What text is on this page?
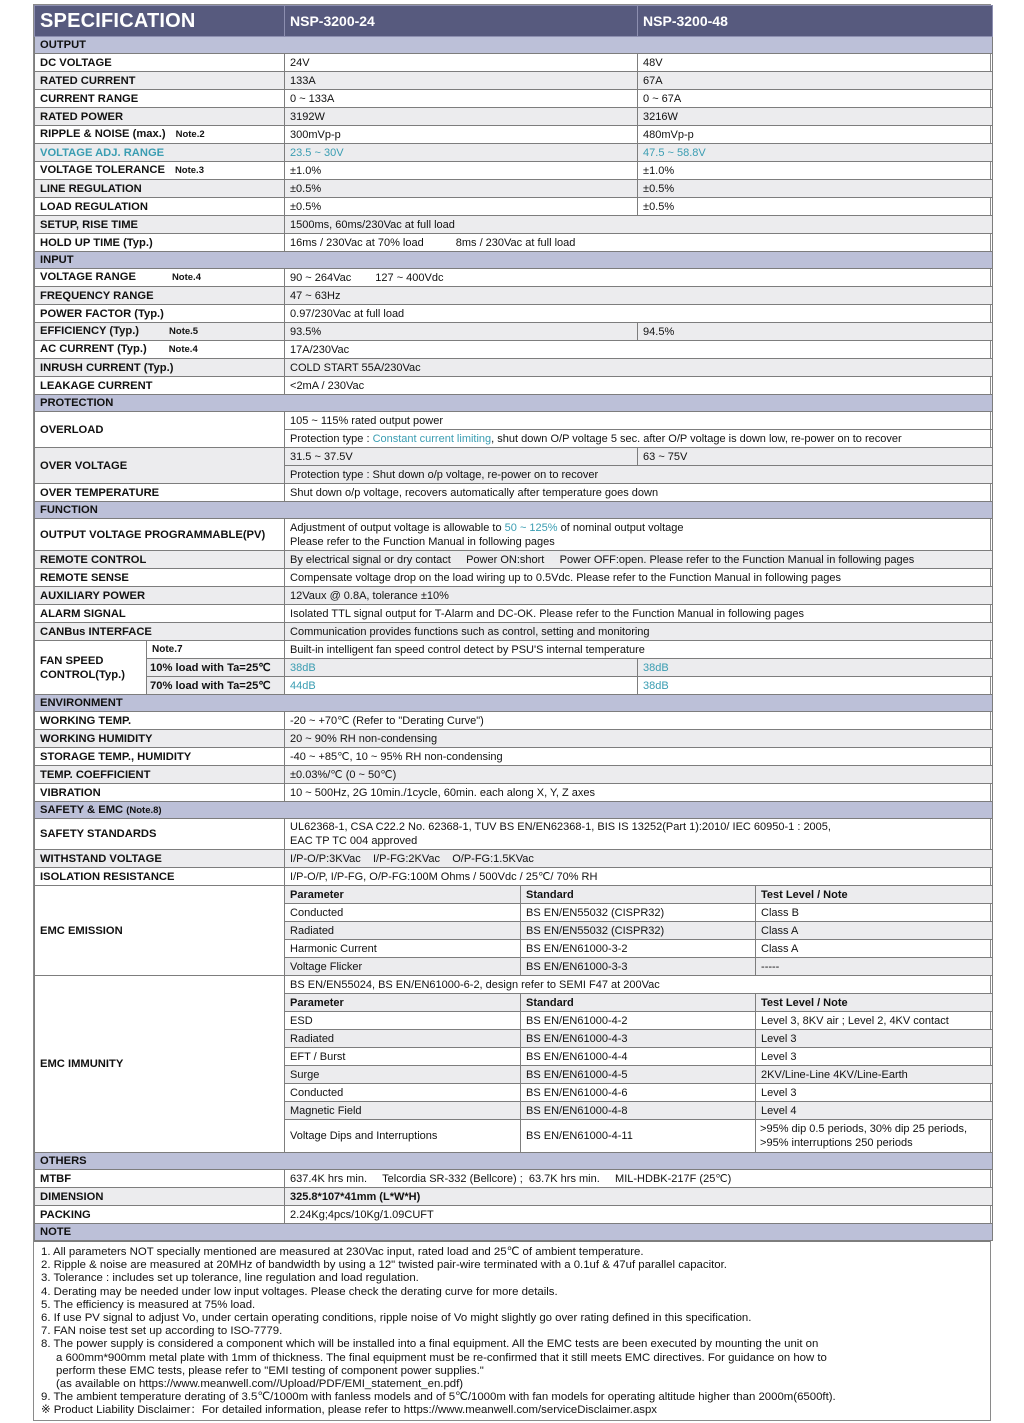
SPECIFICATION		NSP-3200-24		NSP-3200-48	
OUTPUT					
DC VOLTAGE		24V		48V	
RATED CURRENT		133A		67A	
CURRENT RANGE		0 ~ 133A		0 ~ 67A	
RATED POWER		3192W		3216W	
RIPPLE & NOISE (max.) Note.2		300mVp-p		480mVp-p	
VOLTAGE ADJ. RANGE		23.5 ~ 30V		47.5 ~ 58.8V	
VOLTAGE TOLERANCE Note.3		±1.0%		±1.0%	
LINE REGULATION		±0.5%		±0.5%	
LOAD REGULATION		±0.5%		±0.5%	
SETUP, RISE TIME		1500ms, 60ms/230Vac at full load			
HOLD UP TIME (Typ.)		16ms / 230Vac at 70% load 8ms / 230Vac at full load			
INPUT					
VOLTAGE RANGE Note.4		90 ~ 264Vac 127 ~ 400Vdc			
FREQUENCY RANGE		47 ~ 63Hz			
POWER FACTOR (Typ.)		0.97/230Vac at full load			
EFFICIENCY (Typ.) Note.5		93.5%		94.5%	
AC CURRENT (Typ.) Note.4		17A/230Vac			
INRUSH CURRENT (Typ.)		COLD START 55A/230Vac			
LEAKAGE CURRENT		<2mA / 230Vac			
PROTECTION					
OVERLOAD		105 ~ 115% rated output power			
		Protection type : Constant current limiting, shut down O/P voltage 5 sec. after O/P voltage is down low, re-power on to recover			
OVER VOLTAGE		31.5 ~ 37.5V		63 ~ 75V	
		Protection type : Shut down o/p voltage, re-power on to recover			
OVER TEMPERATURE		Shut down o/p voltage, recovers automatically after temperature goes down			
FUNCTION					
OUTPUT VOLTAGE PROGRAMMABLE(PV)		Adjustment of output voltage is allowable to 50 ~ 125% of nominal output voltage
Please refer to the Function Manual in following pages			

REMOTE CONTROL		By electrical signal or dry contact     Power ON:short     Power OFF:open. Please refer to the Function Manual in following pages			
REMOTE SENSE		Compensate voltage drop on the load wiring up to 0.5Vdc. Please refer to the Function Manual in following pages			
AUXILIARY POWER		12Vaux @ 0.8A, tolerance ±10%			
ALARM SIGNAL		Isolated TTL signal output for T-Alarm and DC-OK. Please refer to the Function Manual in following pages			
CANBus INTERFACE		Communication provides functions such as control, setting and monitoring			
FAN SPEED CONTROL(Typ.)	Note.7	Built-in intelligent fan speed control detect by PSU'S internal temperature			
	10% load with Ta=25℃	38dB		38dB	
	70% load with Ta=25℃	44dB		38dB	
ENVIRONMENT					
WORKING TEMP.		-20 ~ +70℃ (Refer to "Derating Curve")			
WORKING HUMIDITY		20 ~ 90% RH non-condensing			
STORAGE TEMP., HUMIDITY		-40 ~ +85℃, 10 ~ 95% RH non-condensing			
TEMP. COEFFICIENT		±0.03%/℃ (0 ~ 50℃)			
VIBRATION		10 ~ 500Hz, 2G 10min./1cycle, 60min. each along X, Y, Z axes			
SAFETY & EMC (Note.8)					
SAFETY STANDARDS		UL62368-1, CSA C22.2 No. 62368-1, TUV BS EN/EN62368-1, BIS IS 13252(Part 1):2010/ IEC 60950-1 : 2005,
EAC TP TC 004 approved			

WITHSTAND VOLTAGE		I/P-O/P:3KVac    I/P-FG:2KVac    O/P-FG:1.5KVac			
ISOLATION RESISTANCE		I/P-O/P, I/P-FG, O/P-FG:100M Ohms / 500Vdc / 25℃/ 70% RH			
EMC EMISSION		Parameter	Standard		Test Level / Note
		Conducted	BS EN/EN55032 (CISPR32)		Class B
		Radiated	BS EN/EN55032 (CISPR32)		Class A
		Harmonic Current	BS EN/EN61000-3-2		Class A
		Voltage Flicker	BS EN/EN61000-3-3		-----
EMC IMMUNITY		BS EN/EN55024, BS EN/EN61000-6-2, design refer to SEMI F47 at 200Vac			
		Parameter	Standard		Test Level / Note
		ESD	BS EN/EN61000-4-2		Level 3, 8KV air ; Level 2, 4KV contact
		Radiated	BS EN/EN61000-4-3		Level 3
		EFT / Burst	BS EN/EN61000-4-4		Level 3
		Surge	BS EN/EN61000-4-5		2KV/Line-Line 4KV/Line-Earth
		Conducted	BS EN/EN61000-4-6		Level 3
		Magnetic Field	BS EN/EN61000-4-8		Level 4
		Voltage Dips and Interruptions	BS EN/EN61000-4-11		>95% dip 0.5 periods, 30% dip 25 periods,
>95% interruptions 250 periods

OTHERS					
MTBF		637.4K hrs min.     Telcordia SR-332 (Bellcore) ;  63.7K hrs min.     MIL-HDBK-217F (25℃)			
DIMENSION		325.8*107*41mm (L*W*H)			
PACKING		2.24Kg;4pcs/10Kg/1.09CUFT			
NOTE					
1. All parameters NOT specially mentioned are measured at 230Vac input, rated load and 25℃ of ambient temperature.
2. Ripple & noise are measured at 20MHz of bandwidth by using a 12" twisted pair-wire terminated with a 0.1uf & 47uf parallel capacitor.
3. Tolerance : includes set up tolerance, line regulation and load regulation.
4. Derating may be needed under low input voltages. Please check the derating curve for more details.
5. The efficiency is measured at 75% load.
6. If use PV signal to adjust Vo, under certain operating conditions, ripple noise of Vo might slightly go over rating defined in this specification.
7. FAN noise test set up according to ISO-7779.
8. The power supply is considered a component which will be installed into a final equipment. All the EMC tests are been executed by mounting the unit on
a 600mm*900mm metal plate with 1mm of thickness. The final equipment must be re-confirmed that it still meets EMC directives. For guidance on how to
perform these EMC tests, please refer to "EMI testing of component power supplies."
(as available on https://www.meanwell.com//Upload/PDF/EMI_statement_en.pdf)
9. The ambient temperature derating of 3.5℃/1000m with fanless models and of 5℃/1000m with fan models for operating altitude higher than 2000m(6500ft).
※ Product Liability Disclaimer：For detailed information, please refer to https://www.meanwell.com/serviceDisclaimer.aspx
